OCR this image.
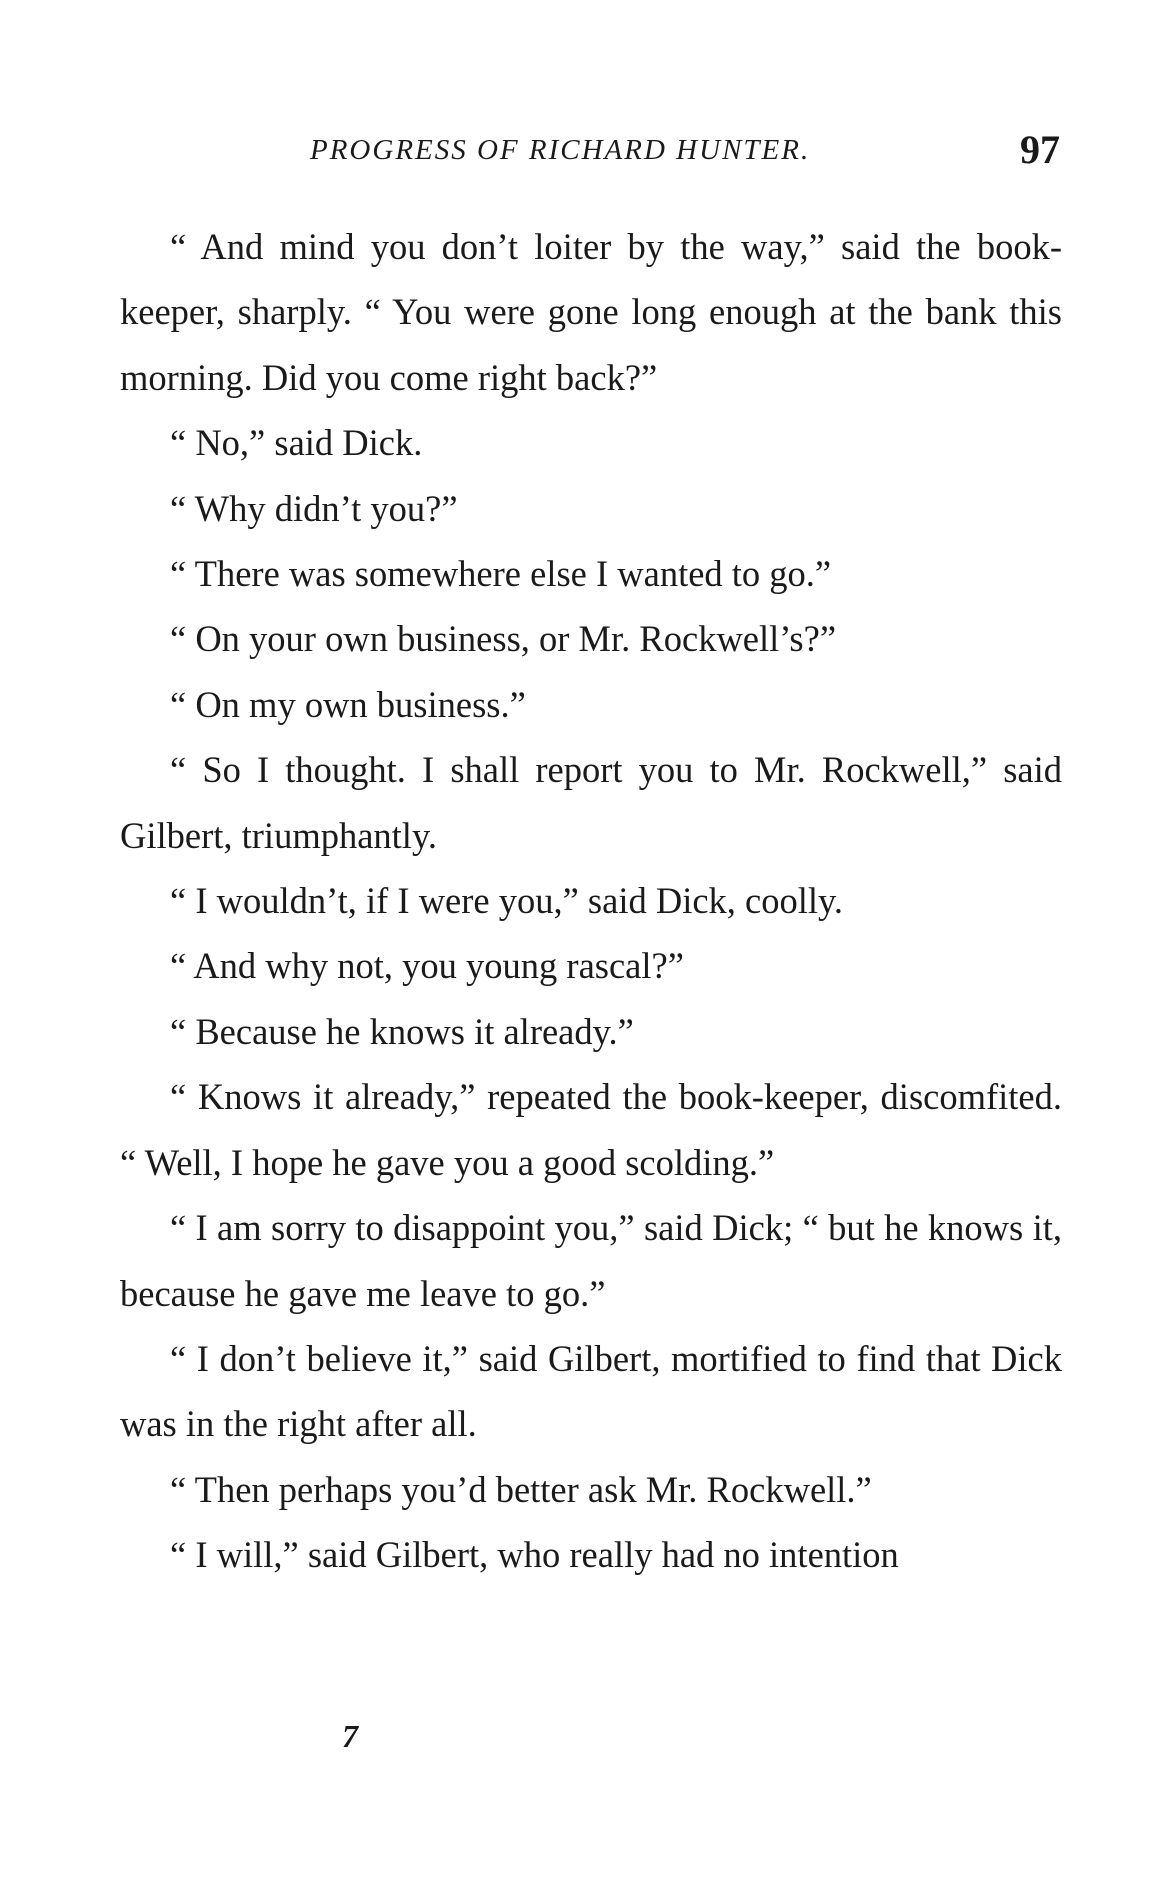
PROGRESS OF RICHARD HUNTER.	97

“ And mind you don’t loiter by the way,” said the book-keeper, sharply. “ You were gone long enough at the bank this morning. Did you come right back?”

“ No,” said Dick.

“ Why didn’t you?”

“ There was somewhere else I wanted to go.”

“ On your own business, or Mr. Rockwell’s?”

“ On my own business.”

“ So I thought. I shall report you to Mr. Rockwell,” said Gilbert, triumphantly.

“ I wouldn’t, if I were you,” said Dick, coolly.

“ And why not, you young rascal?”

“ Because he knows it already.”

“ Knows it already,” repeated the book-keeper, discomfited. “ Well, I hope he gave you a good scolding.”

“ I am sorry to disappoint you,” said Dick; “ but he knows it, because he gave me leave to go.”

“ I don’t believe it,” said Gilbert, mortified to find that Dick was in the right after all.

“ Then perhaps you’d better ask Mr. Rockwell.”

“ I will,” said Gilbert, who really had no intention

7
